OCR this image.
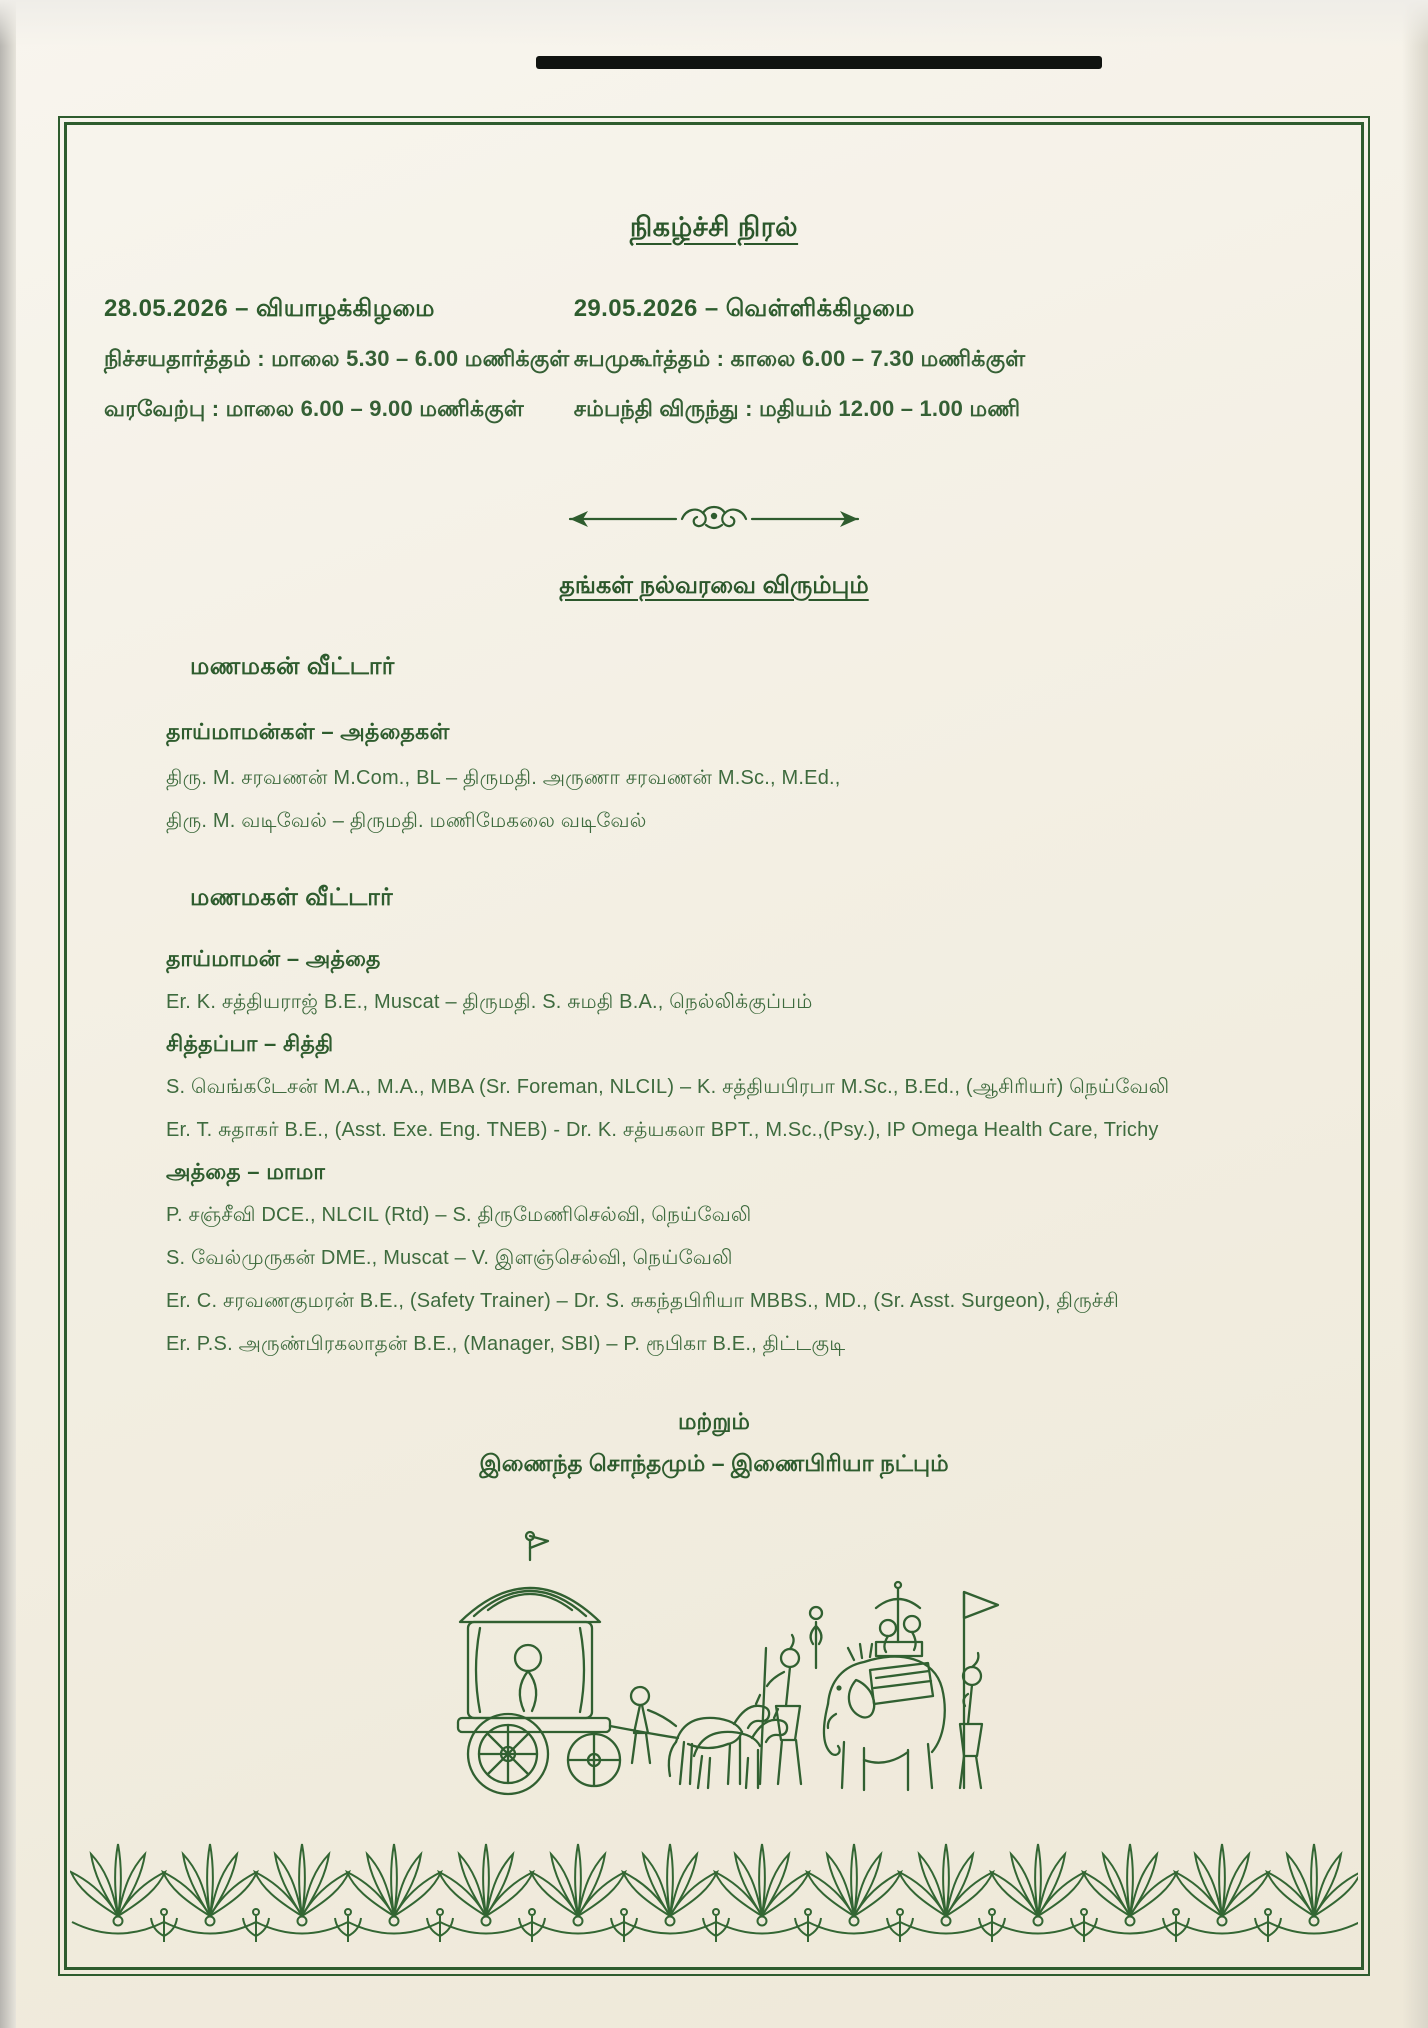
நிகழ்ச்சி நிரல்
28.05.2026 – வியாழக்கிழமை
நிச்சயதார்த்தம் : மாலை 5.30 – 6.00 மணிக்குள்
வரவேற்பு : மாலை 6.00 – 9.00 மணிக்குள்
29.05.2026 – வெள்ளிக்கிழமை
சுபமுகூர்த்தம் : காலை 6.00 – 7.30 மணிக்குள்
சம்பந்தி விருந்து : மதியம் 12.00 – 1.00 மணி
தங்கள் நல்வரவை விரும்பும்
மணமகன் வீட்டார்
தாய்மாமன்கள் – அத்தைகள்
திரு. M. சரவணன் M.Com., BL – திருமதி. அருணா சரவணன் M.Sc., M.Ed.,
திரு. M. வடிவேல் – திருமதி. மணிமேகலை வடிவேல்
மணமகள் வீட்டார்
தாய்மாமன் – அத்தை
Er. K. சத்தியராஜ் B.E., Muscat – திருமதி. S. சுமதி B.A., நெல்லிக்குப்பம்
சித்தப்பா – சித்தி
S. வெங்கடேசன் M.A., M.A., MBA (Sr. Foreman, NLCIL) – K. சத்தியபிரபா M.Sc., B.Ed., (ஆசிரியர்) நெய்வேலி
Er. T. சுதாகர் B.E., (Asst. Exe. Eng. TNEB) - Dr. K. சத்யகலா BPT., M.Sc.,(Psy.), IP Omega Health Care, Trichy
அத்தை – மாமா
P. சஞ்சீவி DCE., NLCIL (Rtd) – S. திருமேணிசெல்வி, நெய்வேலி
S. வேல்முருகன் DME., Muscat – V. இளஞ்செல்வி, நெய்வேலி
Er. C. சரவணகுமரன் B.E., (Safety Trainer) – Dr. S. சுகந்தபிரியா MBBS., MD., (Sr. Asst. Surgeon), திருச்சி
Er. P.S. அருண்பிரகலாதன் B.E., (Manager, SBI) – P. ரூபிகா B.E., திட்டகுடி
மற்றும்
இணைந்த சொந்தமும் – இணைபிரியா நட்பும்
